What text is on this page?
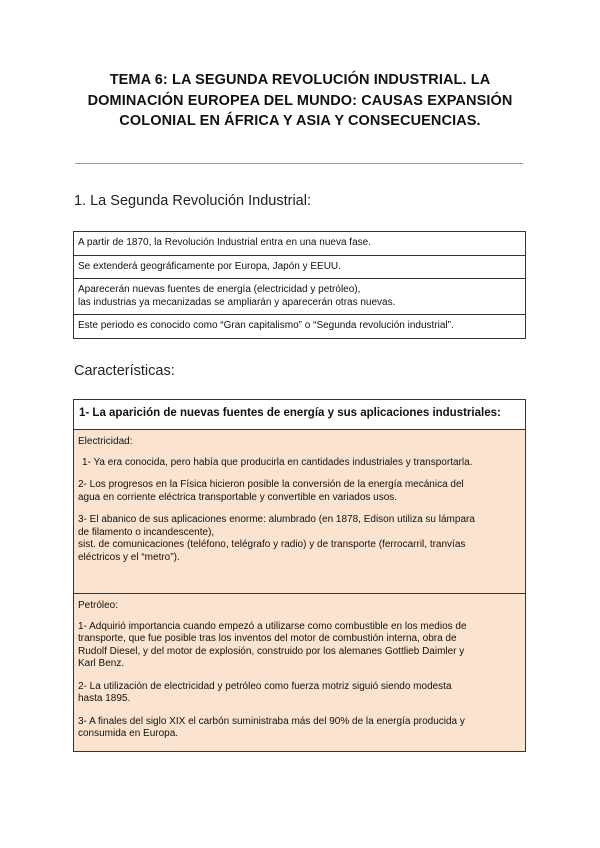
TEMA 6: LA SEGUNDA REVOLUCIÓN INDUSTRIAL. LA
DOMINACIÓN EUROPEA DEL MUNDO: CAUSAS EXPANSIÓN
COLONIAL EN ÁFRICA Y ASIA Y CONSECUENCIAS.
1. La Segunda Revolución Industrial:
A partir de 1870, la Revolución Industrial entra en una nueva fase.
Se extenderá geográficamente por Europa, Japón y EEUU.

Aparecerán nuevas fuentes de energía (electricidad y petróleo),
las industrias ya mecanizadas se ampliarán y aparecerán otras nuevas.

Este periodo es conocido como “Gran capitalismo” o “Segunda revolución industrial”.
Características:
1- La aparición de nuevas fuentes de energía y sus aplicaciones industriales:

Electricidad:

1- Ya era conocida, pero había que producirla en cantidades industriales y transportarla.

2- Los progresos en la Física hicieron posible la conversión de la energía mecánica del

agua en corriente eléctrica transportable y convertible en variados usos.

3- El abanico de sus aplicaciones enorme: alumbrado (en 1878, Edison utiliza su lámpara

de filamento o incandescente),

sist. de comunicaciones (teléfono, telégrafo y radio) y de transporte (ferrocarril, tranvías

eléctricos y el “metro”).

Petróleo:

1- Adquirió importancia cuando empezó a utilizarse como combustible en los medios de

transporte, que fue posible tras los inventos del motor de combustión interna, obra de

Rudolf Diesel, y del motor de explosión, construido por los alemanes Gottlieb Daimler y

Karl Benz.

2- La utilización de electricidad y petróleo como fuerza motriz siguió siendo modesta

hasta 1895.

3- A finales del siglo XIX el carbón suministraba más del 90% de la energía producida y

consumida en Europa.
